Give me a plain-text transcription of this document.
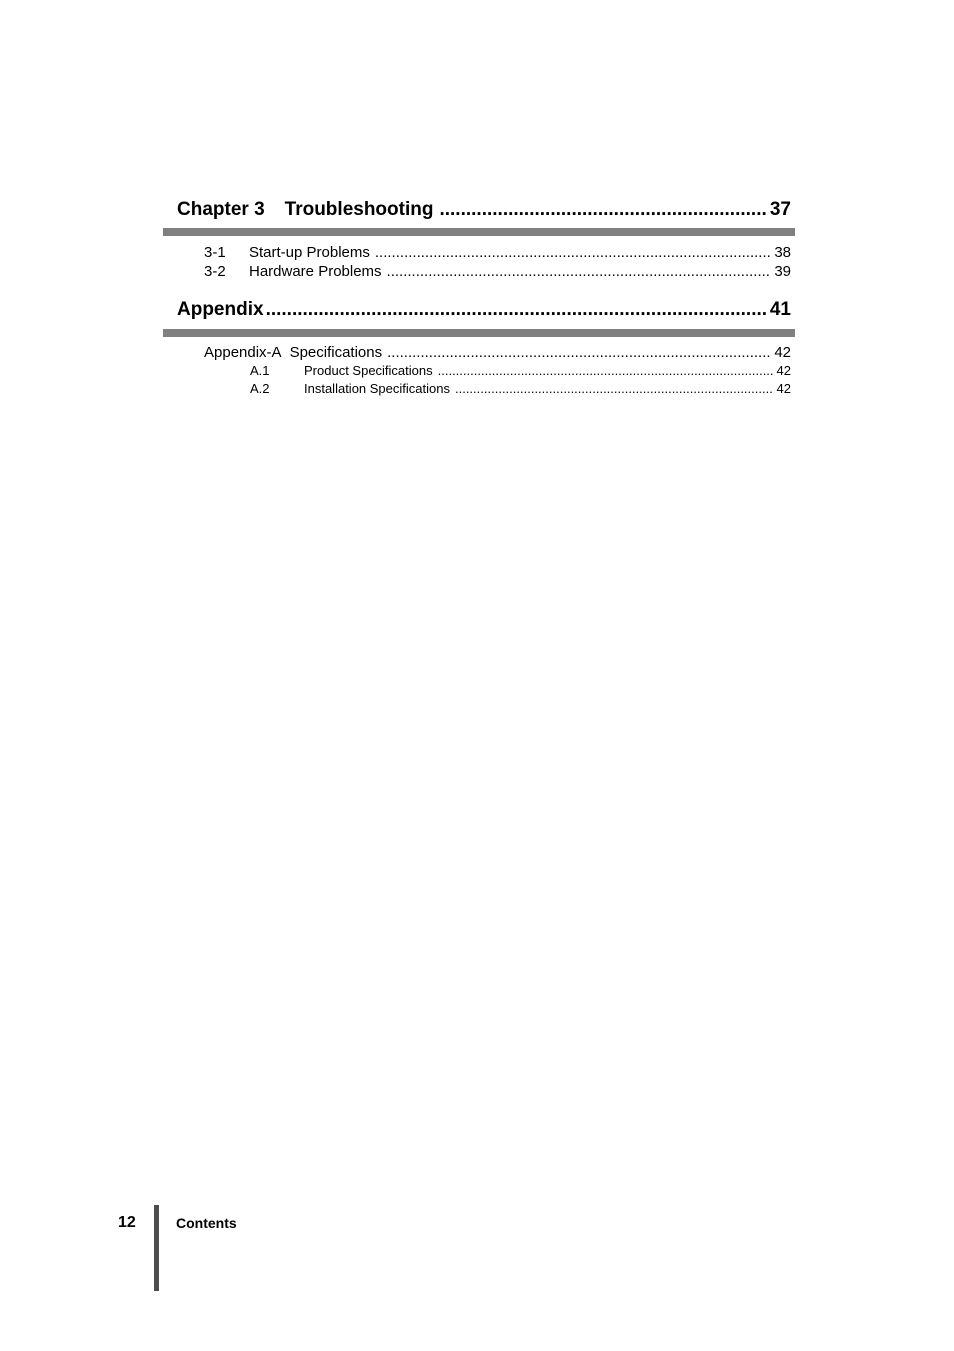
Chapter 3 Troubleshooting .....	37
3-1	Start-up Problems .....	38
3-2	Hardware Problems .....	39
Appendix .....	41
Appendix-A Specifications .....	42
A.1	Product Specifications .....	42
A.2	Installation Specifications .....	42
12	Contents
